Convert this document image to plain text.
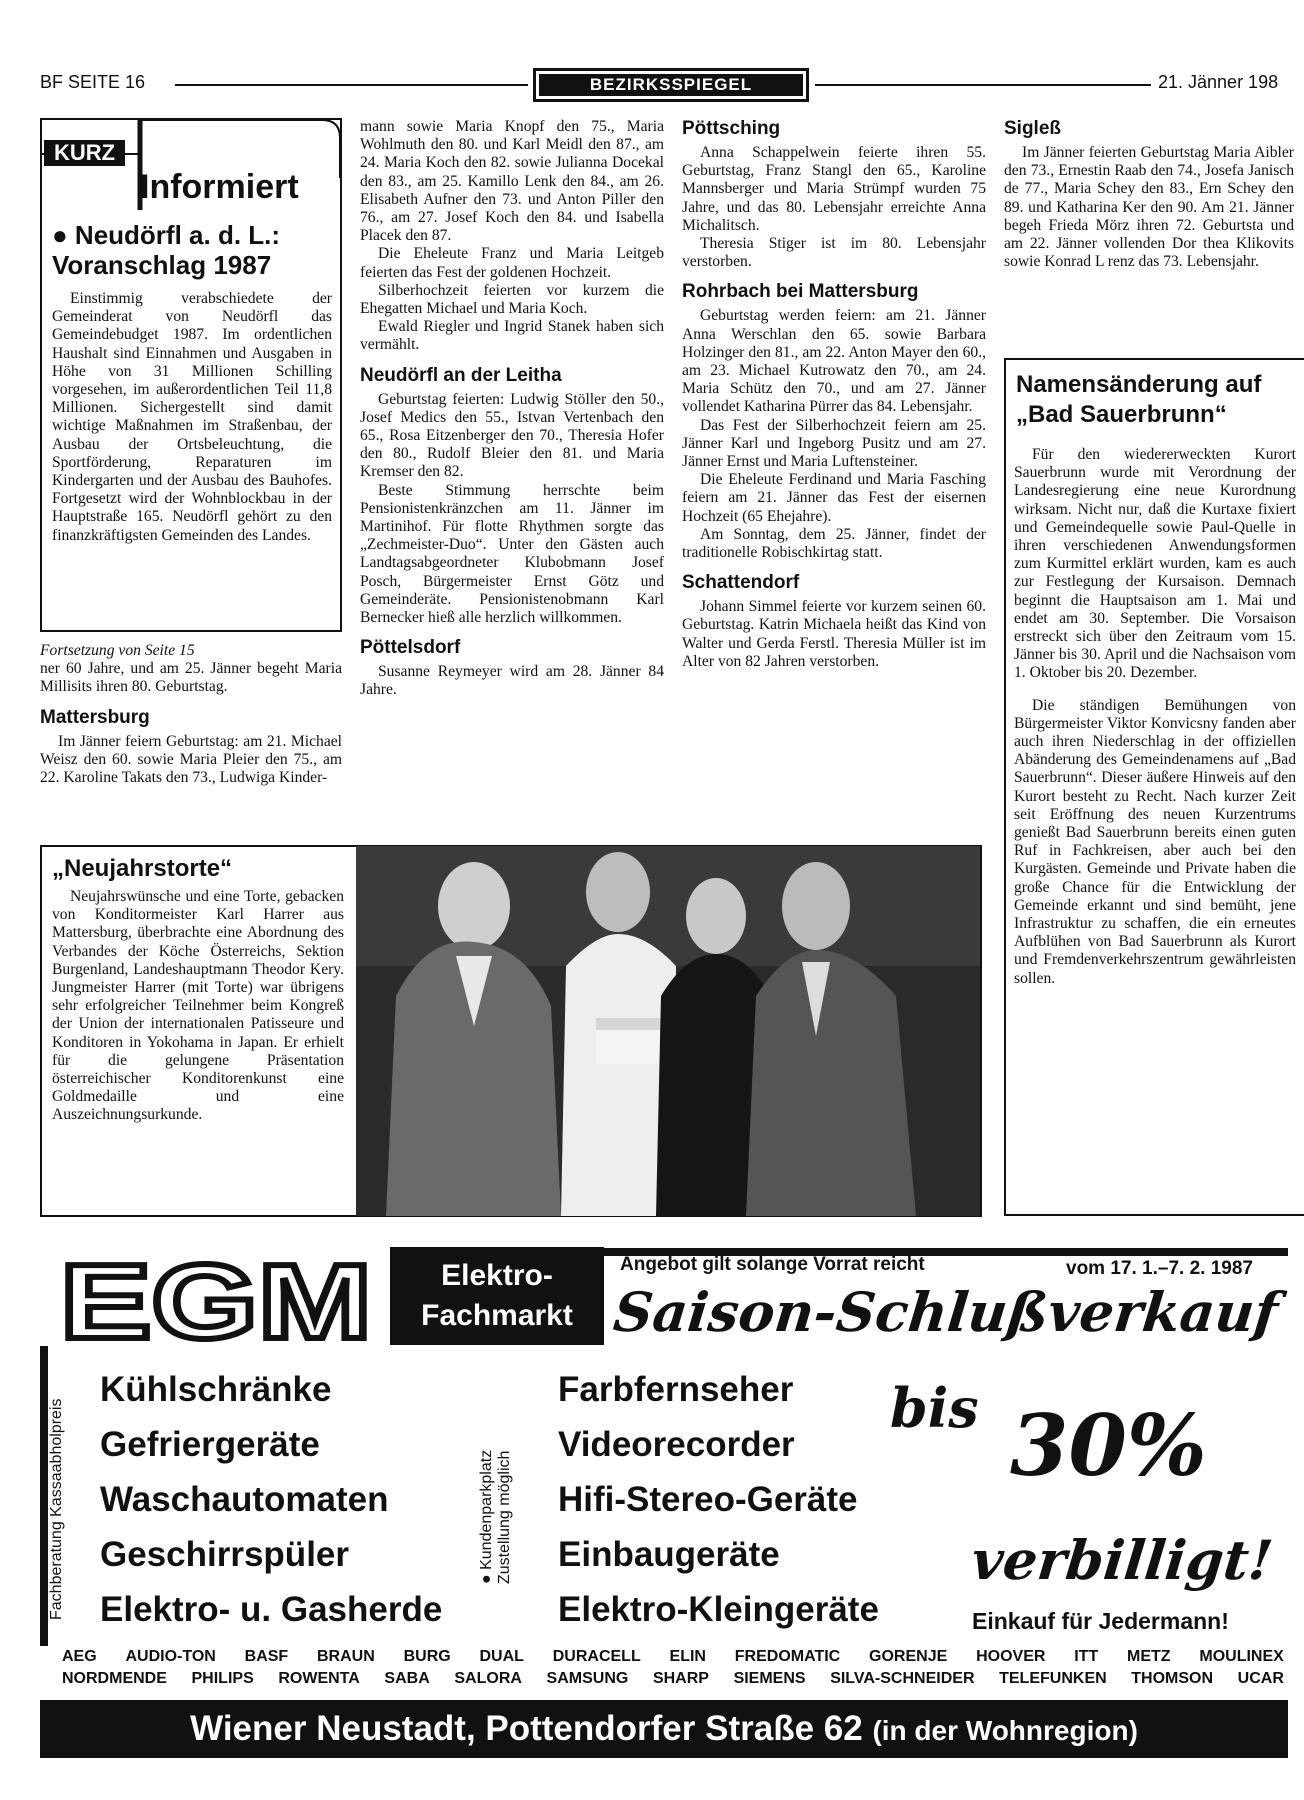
BF SEITE 16	BEZIRKSSPIEGEL	21. Jänner 198
KURZ
Informiert
● Neudörfl a. d. L.: Voranschlag 1987

Einstimmig verabschiedete der Gemeinderat von Neudörfl das Gemeindebudget 1987. Im ordentlichen Haushalt sind Einnahmen und Ausgaben in Höhe von 31 Millionen Schilling vorgesehen, im außerordentlichen Teil 11,8 Millionen. Sichergestellt sind damit wichtige Maßnahmen im Straßenbau, der Ausbau der Ortsbeleuchtung, die Sportförderung, Reparaturen im Kindergarten und der Ausbau des Bauhofes. Fortgesetzt wird der Wohnblockbau in der Hauptstraße 165. Neudörfl gehört zu den finanzkräftigsten Gemeinden des Landes.

Fortsetzung von Seite 15
ner 60 Jahre, und am 25. Jänner begeht Maria Millisits ihren 80. Geburtstag.
Mattersburg

Im Jänner feiern Geburtstag: am 21. Michael Weisz den 60. sowie Maria Pleier den 75., am 22. Karoline Takats den 73., Ludwiga Kinder-

mann sowie Maria Knopf den 75., Maria Wohlmuth den 80. und Karl Meidl den 87., am 24. Maria Koch den 82. sowie Julianna Docekal den 83., am 25. Kamillo Lenk den 84., am 26. Elisabeth Aufner den 73. und Anton Piller den 76., am 27. Josef Koch den 84. und Isabella Placek den 87.

Die Eheleute Franz und Maria Leitgeb feierten das Fest der goldenen Hochzeit.

Silberhochzeit feierten vor kurzem die Ehegatten Michael und Maria Koch.

Ewald Riegler und Ingrid Stanek haben sich vermählt.

Neudörfl an der Leitha

Geburtstag feierten: Ludwig Stöller den 50., Josef Medics den 55., Istvan Vertenbach den 65., Rosa Eitzenberger den 70., Theresia Hofer den 80., Rudolf Bleier den 81. und Maria Kremser den 82.

Beste Stimmung herrschte beim Pensionistenkränzchen am 11. Jänner im Martinihof. Für flotte Rhythmen sorgte das „Zechmeister-Duo“. Unter den Gästen auch Landtagsabgeordneter Klubobmann Josef Posch, Bürgermeister Ernst Götz und Gemeinderäte. Pensionistenobmann Karl Bernecker hieß alle herzlich willkommen.

Pöttelsdorf

Susanne Reymeyer wird am 28. Jänner 84 Jahre.

Pöttsching

Anna Schappelwein feierte ihren 55. Geburtstag, Franz Stangl den 65., Karoline Mannsberger und Maria Strümpf wurden 75 Jahre, und das 80. Lebensjahr erreichte Anna Michalitsch.

Theresia Stiger ist im 80. Lebensjahr verstorben.

Rohrbach bei Mattersburg

Geburtstag werden feiern: am 21. Jänner Anna Werschlan den 65. sowie Barbara Holzinger den 81., am 22. Anton Mayer den 60., am 23. Michael Kutrowatz den 70., am 24. Maria Schütz den 70., und am 27. Jänner vollendet Katharina Pürrer das 84. Lebensjahr.

Das Fest der Silberhochzeit feiern am 25. Jänner Karl und Ingeborg Pusitz und am 27. Jänner Ernst und Maria Luftensteiner.

Die Eheleute Ferdinand und Maria Fasching feiern am 21. Jänner das Fest der eisernen Hochzeit (65 Ehejahre).

Am Sonntag, dem 25. Jänner, findet der traditionelle Robischkirtag statt.

Schattendorf

Johann Simmel feierte vor kurzem seinen 60. Geburtstag. Katrin Michaela heißt das Kind von Walter und Gerda Ferstl. Theresia Müller ist im Alter von 82 Jahren verstorben.

Sigleß

Im Jänner feierten Geburtstag Maria Aibler den 73., Ernestin Raab den 74., Josefa Janisch de 77., Maria Schey den 83., Ern Schey den 89. und Katharina Ker den 90. Am 21. Jänner begeh Frieda Mörz ihren 72. Geburtsta und am 22. Jänner vollenden Dor thea Klikovits sowie Konrad L renz das 73. Lebensjahr.

Namensänderung auf „Bad Sauerbrunn“

Für den wiedererweckten Kurort Sauerbrunn wurde mit Verordnung der Landesregierung eine neue Kurordnung wirksam. Nicht nur, daß die Kurtaxe fixiert und Gemeindequelle sowie Paul-Quelle in ihren verschiedenen Anwendungsformen zum Kurmittel erklärt wurden, kam es auch zur Festlegung der Kursaison. Demnach beginnt die Hauptsaison am 1. Mai und endet am 30. September. Die Vorsaison erstreckt sich über den Zeitraum vom 15. Jänner bis 30. April und die Nachsaison vom 1. Oktober bis 20. Dezember.

Die ständigen Bemühungen von Bürgermeister Viktor Konvicsny fanden aber auch ihren Niederschlag in der offiziellen Abänderung des Gemeindenamens auf „Bad Sauerbrunn“. Dieser äußere Hinweis auf den Kurort besteht zu Recht. Nach kurzer Zeit seit Eröffnung des neuen Kurzentrums genießt Bad Sauerbrunn bereits einen guten Ruf in Fachkreisen, aber auch bei den Kurgästen. Gemeinde und Private haben die große Chance für die Entwicklung der Gemeinde erkannt und sind bemüht, jene Infrastruktur zu schaffen, die ein erneutes Aufblühen von Bad Sauerbrunn als Kurort und Fremdenverkehrszentrum gewährleisten sollen.

„Neujahrstorte“

Neujahrswünsche und eine Torte, gebacken von Konditormeister Karl Harrer aus Mattersburg, überbrachte eine Abordnung des Verbandes der Köche Österreichs, Sektion Burgenland, Landeshauptmann Theodor Kery. Jungmeister Harrer (mit Torte) war übrigens sehr erfolgreicher Teilnehmer beim Kongreß der Union der internationalen Patisseure und Konditoren in Yokohama in Japan. Er erhielt für die gelungene Präsentation österreichischer Konditorenkunst eine Goldmedaille und eine Auszeichnungsurkunde.

EGM	Elektro-
Fachmarkt
Angebot gilt solange Vorrat reicht	vom 17. 1.–7. 2. 1987
Saison-Schlußverkauf
Fachberatung Kassaabholpreis
Kühlschränke
Gefriergeräte
Waschautomaten
Geschirrspüler
Elektro- u. Gasherde
● Kundenparkplatz Zustellung möglich
Farbfernseher
Videorecorder
Hifi-Stereo-Geräte
Einbaugeräte
Elektro-Kleingeräte
bis 30%
verbilligt!
Einkauf für Jedermann!
AEG AUDIO-TON BASF BRAUN BURG DUAL DURACELL ELIN FREDOMATIC GORENJE HOOVER ITT METZ MOULINEX
NORDMENDE PHILIPS ROWENTA SABA SALORA SAMSUNG SHARP SIEMENS SILVA-SCHNEIDER TELEFUNKEN THOMSON UCAR
Wiener Neustadt, Pottendorfer Straße 62 (in der Wohnregion)
